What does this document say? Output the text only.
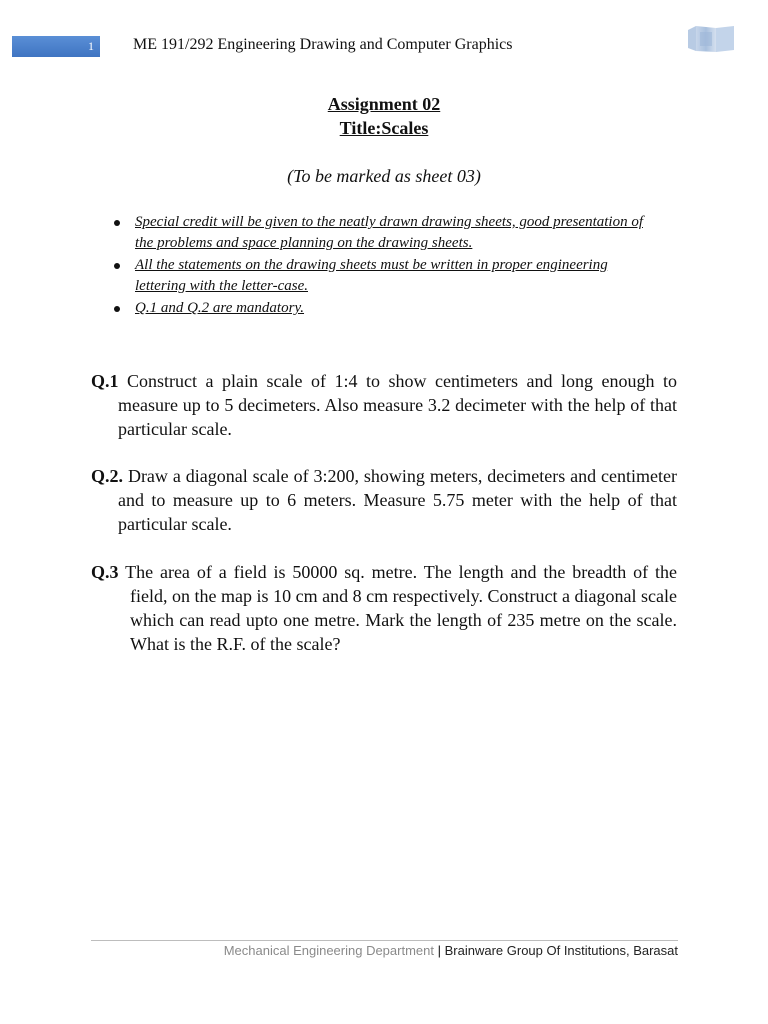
1 ME 191/292 Engineering Drawing and Computer Graphics
Assignment 02
Title:Scales
(To be marked as sheet 03)
Special credit will be given to the neatly drawn drawing sheets, good presentation of the problems and space planning on the drawing sheets.
All the statements on the drawing sheets must be written in proper engineering lettering with the letter-case.
Q.1 and Q.2 are mandatory.

Q.1 Construct a plain scale of 1:4 to show centimeters and long enough to measure up to 5 decimeters. Also measure 3.2 decimeter with the help of that particular scale.

Q.2. Draw a diagonal scale of 3:200, showing meters, decimeters and centimeter and to measure up to 6 meters. Measure 5.75 meter with the help of that particular scale.

Q.3 The area of a field is 50000 sq. metre. The length and the breadth of the field, on the map is 10 cm and 8 cm respectively. Construct a diagonal scale which can read upto one metre. Mark the length of 235 metre on the scale. What is the R.F. of the scale?

Mechanical Engineering Department | Brainware Group Of Institutions, Barasat
